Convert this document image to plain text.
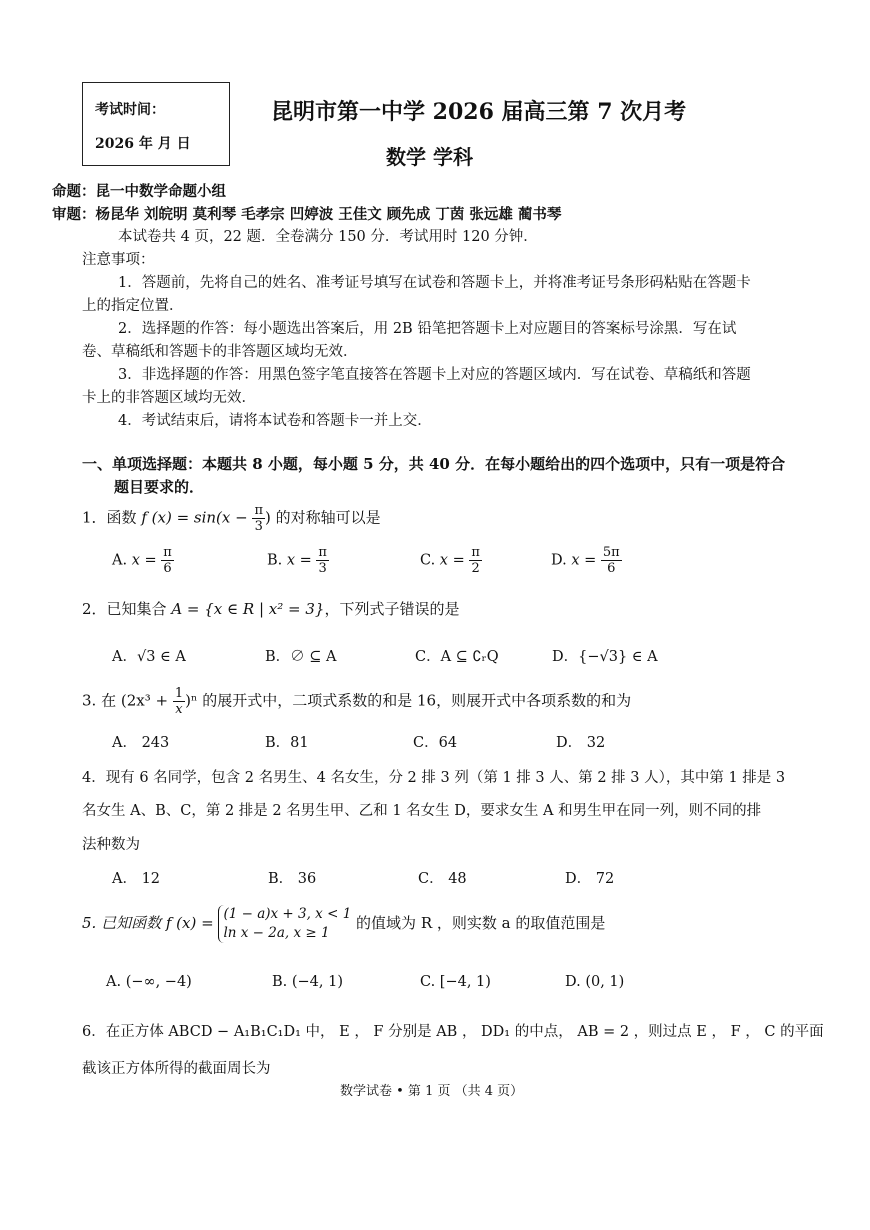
考试时间：
2026 年 月 日
昆明市第一中学 2026 届高三第 7 次月考
数学 学科
命题：昆一中数学命题小组
审题：杨昆华 刘皖明 莫利琴 毛孝宗 凹婷波 王佳文 顾先成 丁茵 张远雄 蔺书琴
本试卷共 4 页，22 题．全卷满分 150 分．考试用时 120 分钟．
注意事项：
1．答题前，先将自己的姓名、准考证号填写在试卷和答题卡上，并将准考证号条形码粘贴在答题卡
上的指定位置．
2．选择题的作答：每小题选出答案后，用 2B 铅笔把答题卡上对应题目的答案标号涂黑．写在试
卷、草稿纸和答题卡的非答题区域均无效．
3．非选择题的作答：用黑色签字笔直接答在答题卡上对应的答题区域内．写在试卷、草稿纸和答题
卡上的非答题区域均无效．
4．考试结束后，请将本试卷和答题卡一并上交．
一、单项选择题：本题共 8 小题，每小题 5 分，共 40 分．在每小题给出的四个选项中，只有一项是符合
题目要求的．
1．函数 f $(x) = \sin(x - \frac{\pi}{3}$ ) 的对称轴可以是
A. $x = \frac{\pi}{6}$	B. $x = \frac{\pi}{3}$	C. $x = \frac{\pi}{2}$	D. $x = \frac{5\pi}{6}$
2．已知集合 A = {x ∈ R | x² = 3}，下列式子错误的是
A．√3 ∈ A	B．∅ ⊆ A	C．A ⊆ ∁ᵣQ	D．{−√3} ∈ A
3. 在 $(2x^3 + \frac{1}{x} )^n$ 的展开式中，二项式系数的和是 16，则展开式中各项系数的和为
A． 243	B．81	C．64	D． 32
4．现有 6 名同学，包含 2 名男生、4 名女生，分 2 排 3 列（第 1 排 3 人、第 2 排 3 人），其中第 1 排是 3
名女生 A、B、C，第 2 排是 2 名男生甲、乙和 1 名女生 D，要求女生 A 和男生甲在同一列，则不同的排
法种数为
A． 12	B． 36	C． 48	D． 72
5. 已知函数 f (x) = (1 − a)x + 3, x < 1
ln x − 2a, x ≥ 1
的值域为 R ，则实数 a 的取值范围是
A. (−∞, −4)	B. (−4, 1)	C. [−4, 1)	D. (0, 1)
6．在正方体 ABCD − A₁B₁C₁D₁ 中， E ， F 分别是 AB ， DD₁ 的中点， AB = 2 ，则过点 E ， F ， C 的平面
截该正方体所得的截面周长为
数学试卷 • 第 1 页 （共 4 页）
